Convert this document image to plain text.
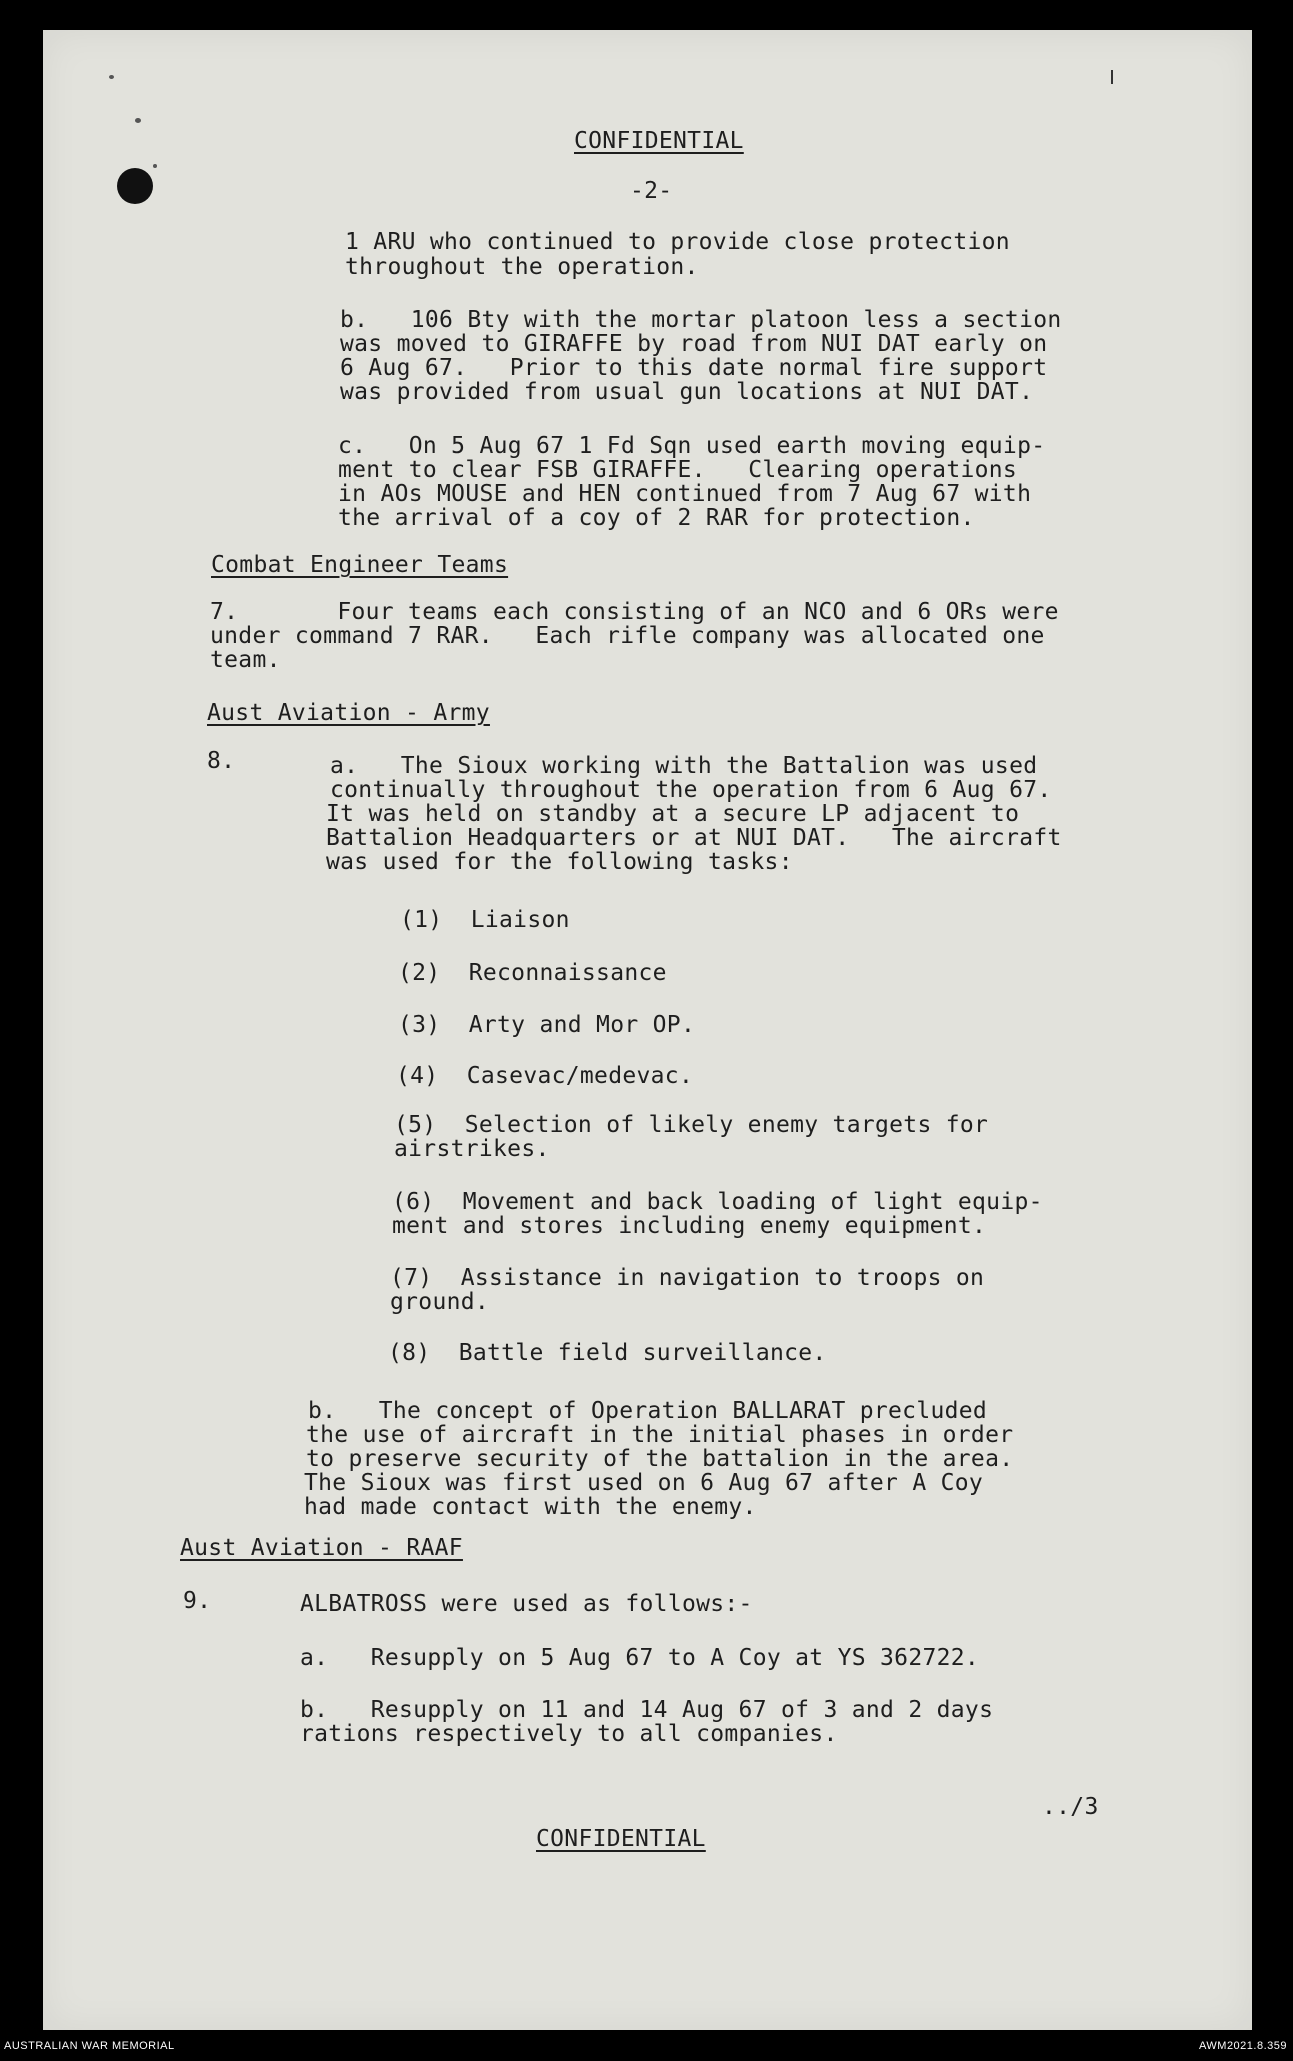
CONFIDENTIAL
-2-
1 ARU who continued to provide close protection
throughout the operation.
b.   106 Bty with the mortar platoon less a section
was moved to GIRAFFE by road from NUI DAT early on
6 Aug 67.   Prior to this date normal fire support
was provided from usual gun locations at NUI DAT.
c.   On 5 Aug 67 1 Fd Sqn used earth moving equip-
ment to clear FSB GIRAFFE.   Clearing operations
in AOs MOUSE and HEN continued from 7 Aug 67 with
the arrival of a coy of 2 RAR for protection.
Combat Engineer Teams
7.       Four teams each consisting of an NCO and 6 ORs were
under command 7 RAR.   Each rifle company was allocated one
team.
Aust Aviation - Army
8.	a.   The Sioux working with the Battalion was used
continually throughout the operation from 6 Aug 67.
It was held on standby at a secure LP adjacent to
Battalion Headquarters or at NUI DAT.   The aircraft
was used for the following tasks:
(1)  Liaison
(2)  Reconnaissance
(3)  Arty and Mor OP.
(4)  Casevac/medevac.
(5)  Selection of likely enemy targets for
airstrikes.
(6)  Movement and back loading of light equip-
ment and stores including enemy equipment.
(7)  Assistance in navigation to troops on
ground.
(8)  Battle field surveillance.
b.   The concept of Operation BALLARAT precluded
the use of aircraft in the initial phases in order
to preserve security of the battalion in the area.
The Sioux was first used on 6 Aug 67 after A Coy
had made contact with the enemy.
Aust Aviation - RAAF
9.	ALBATROSS were used as follows:-
a.   Resupply on 5 Aug 67 to A Coy at YS 362722.
b.   Resupply on 11 and 14 Aug 67 of 3 and 2 days
rations respectively to all companies.
../3
CONFIDENTIAL
AUSTRALIAN WAR MEMORIAL	AWM2021.8.359
